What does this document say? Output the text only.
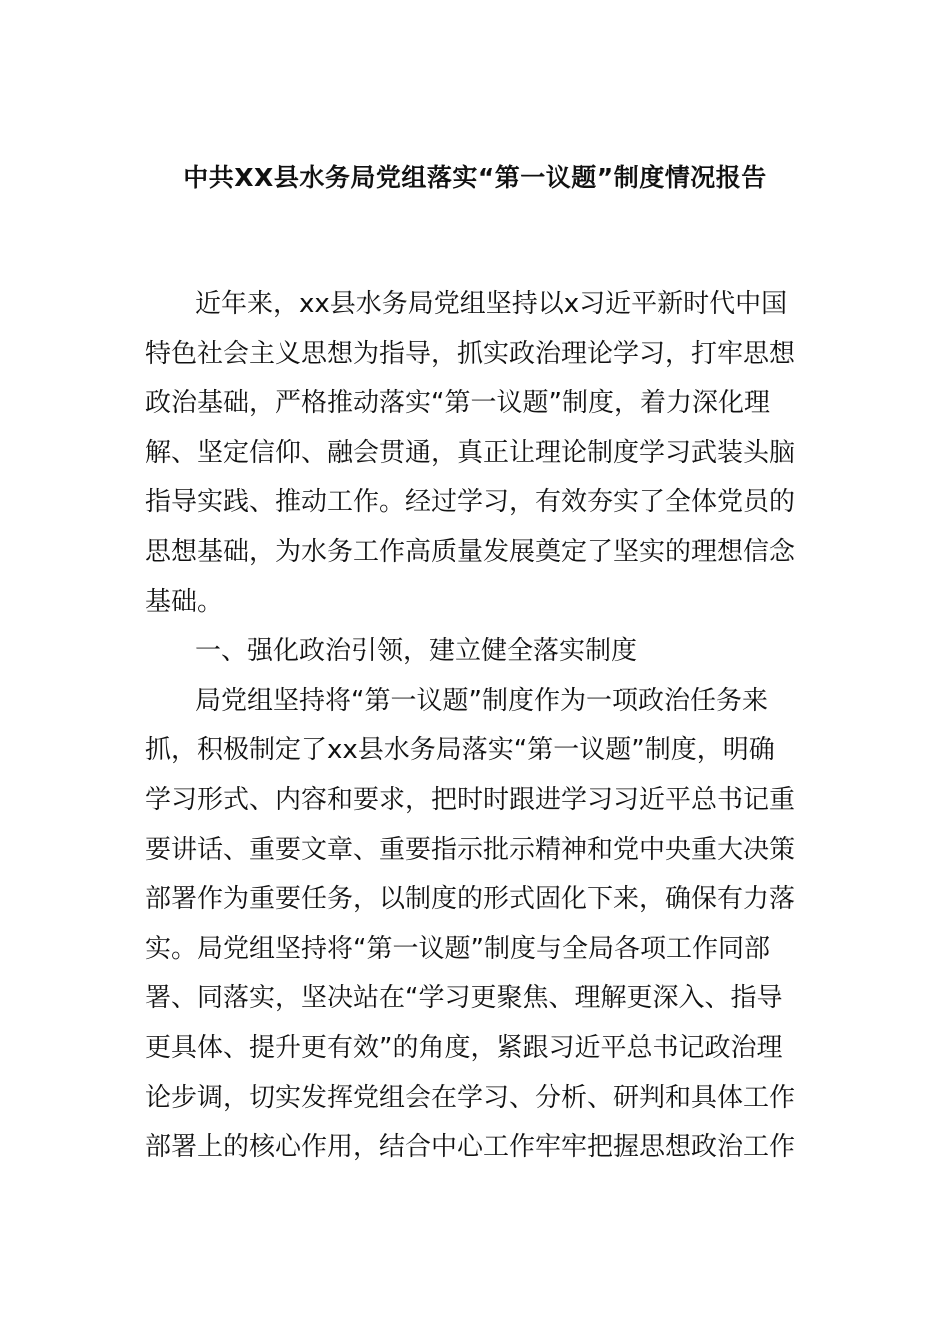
中共XX县水务局党组落实“第一议题”制度情况报告
近年来，xx县水务局党组坚持以x习近平新时代中国
特色社会主义思想为指导，抓实政治理论学习，打牢思想
政治基础，严格推动落实“第一议题”制度，着力深化理
解、坚定信仰、融会贯通，真正让理论制度学习武装头脑
指导实践、推动工作。经过学习，有效夯实了全体党员的
思想基础，为水务工作高质量发展奠定了坚实的理想信念
基础。
一、强化政治引领，建立健全落实制度
局党组坚持将“第一议题”制度作为一项政治任务来
抓，积极制定了xx县水务局落实“第一议题”制度，明确
学习形式、内容和要求，把时时跟进学习习近平总书记重
要讲话、重要文章、重要指示批示精神和党中央重大决策
部署作为重要任务，以制度的形式固化下来，确保有力落
实。局党组坚持将“第一议题”制度与全局各项工作同部
署、同落实，坚决站在“学习更聚焦、理解更深入、指导
更具体、提升更有效”的角度，紧跟习近平总书记政治理
论步调，切实发挥党组会在学习、分析、研判和具体工作
部署上的核心作用，结合中心工作牢牢把握思想政治工作
